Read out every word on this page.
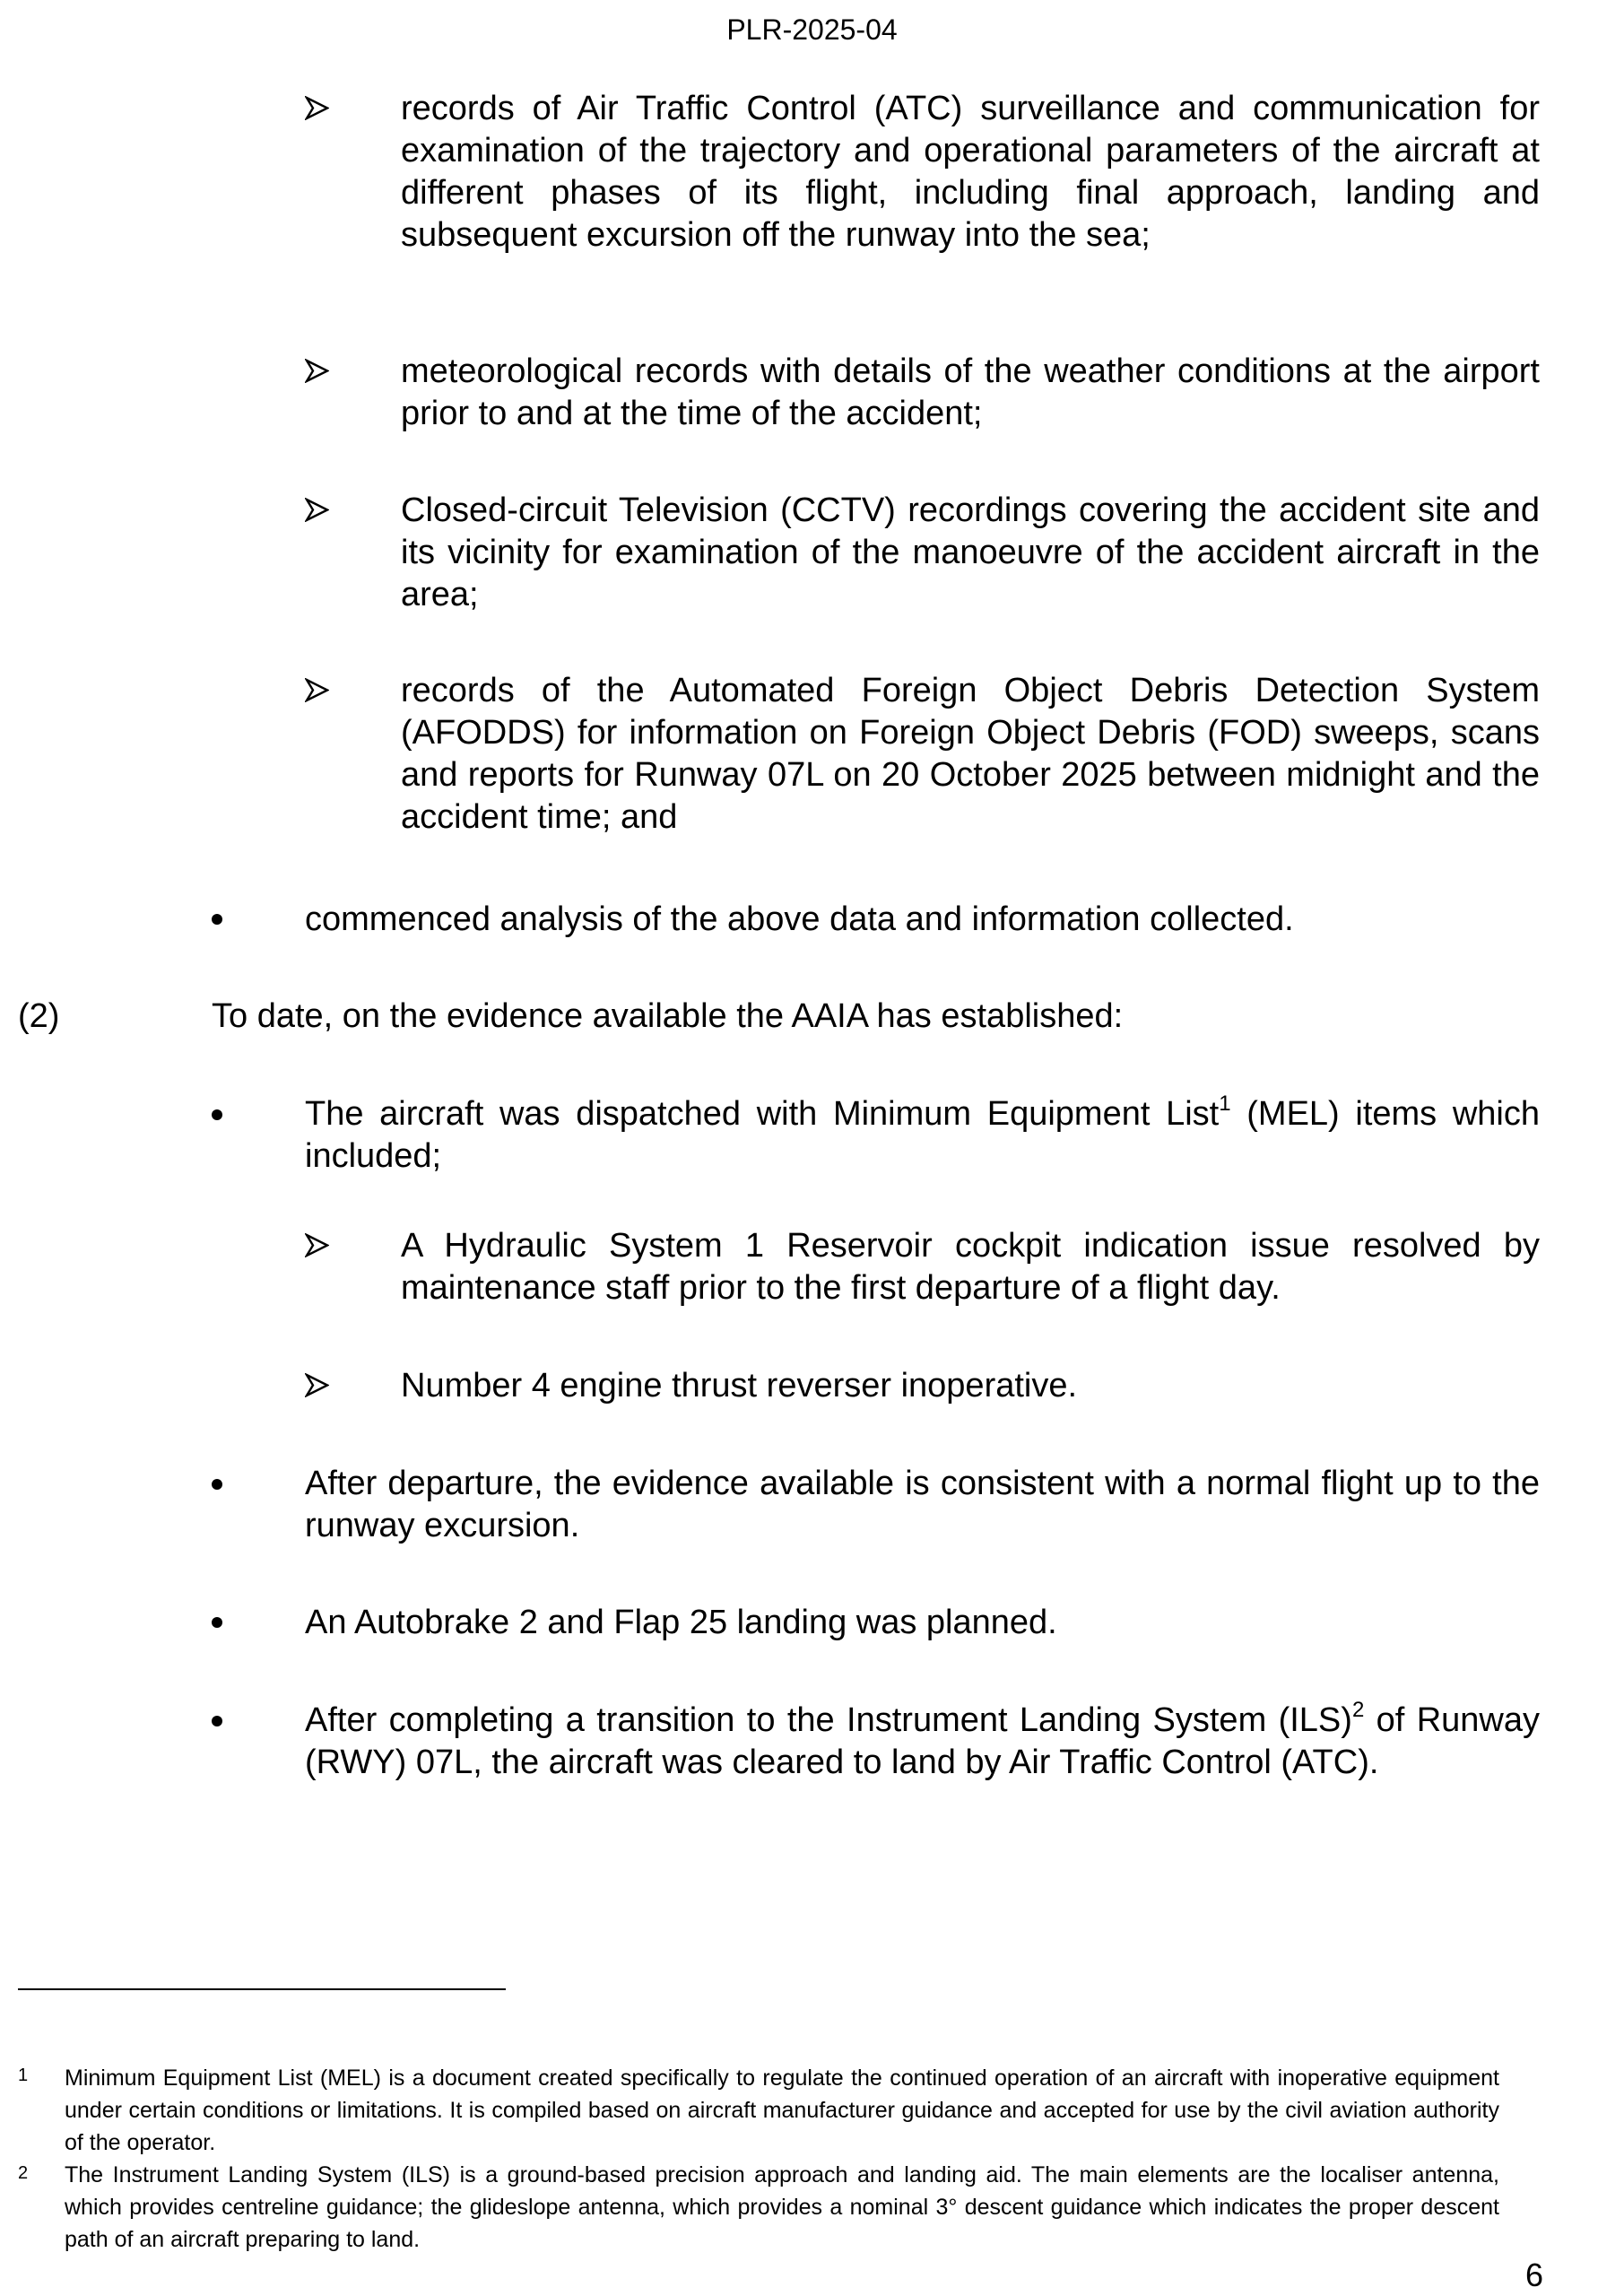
PLR-2025-04
records of Air Traffic Control (ATC) surveillance and communication for examination of the trajectory and operational parameters of the aircraft at different phases of its flight, including final approach, landing and subsequent excursion off the runway into the sea;
meteorological records with details of the weather conditions at the airport prior to and at the time of the accident;
Closed-circuit Television (CCTV) recordings covering the accident site and its vicinity for examination of the manoeuvre of the accident aircraft in the area;
records of the Automated Foreign Object Debris Detection System (AFODDS) for information on Foreign Object Debris (FOD) sweeps, scans and reports for Runway 07L on 20 October 2025 between midnight and the accident time; and
commenced analysis of the above data and information collected.
(2)	To date, on the evidence available the AAIA has established:
The aircraft was dispatched with Minimum Equipment List$^1$ (MEL) items which included;
A Hydraulic System 1 Reservoir cockpit indication issue resolved by maintenance staff prior to the first departure of a flight day.
Number 4 engine thrust reverser inoperative.
After departure, the evidence available is consistent with a normal flight up to the runway excursion.
An Autobrake 2 and Flap 25 landing was planned.
After completing a transition to the Instrument Landing System (ILS)$^2$ of Runway (RWY) 07L, the aircraft was cleared to land by Air Traffic Control (ATC).
1 Minimum Equipment List (MEL) is a document created specifically to regulate the continued operation of an aircraft with inoperative equipment under certain conditions or limitations. It is compiled based on aircraft manufacturer guidance and accepted for use by the civil aviation authority of the operator.
2 The Instrument Landing System (ILS) is a ground-based precision approach and landing aid. The main elements are the localiser antenna, which provides centreline guidance; the glideslope antenna, which provides a nominal 3° descent guidance which indicates the proper descent path of an aircraft preparing to land.
6
